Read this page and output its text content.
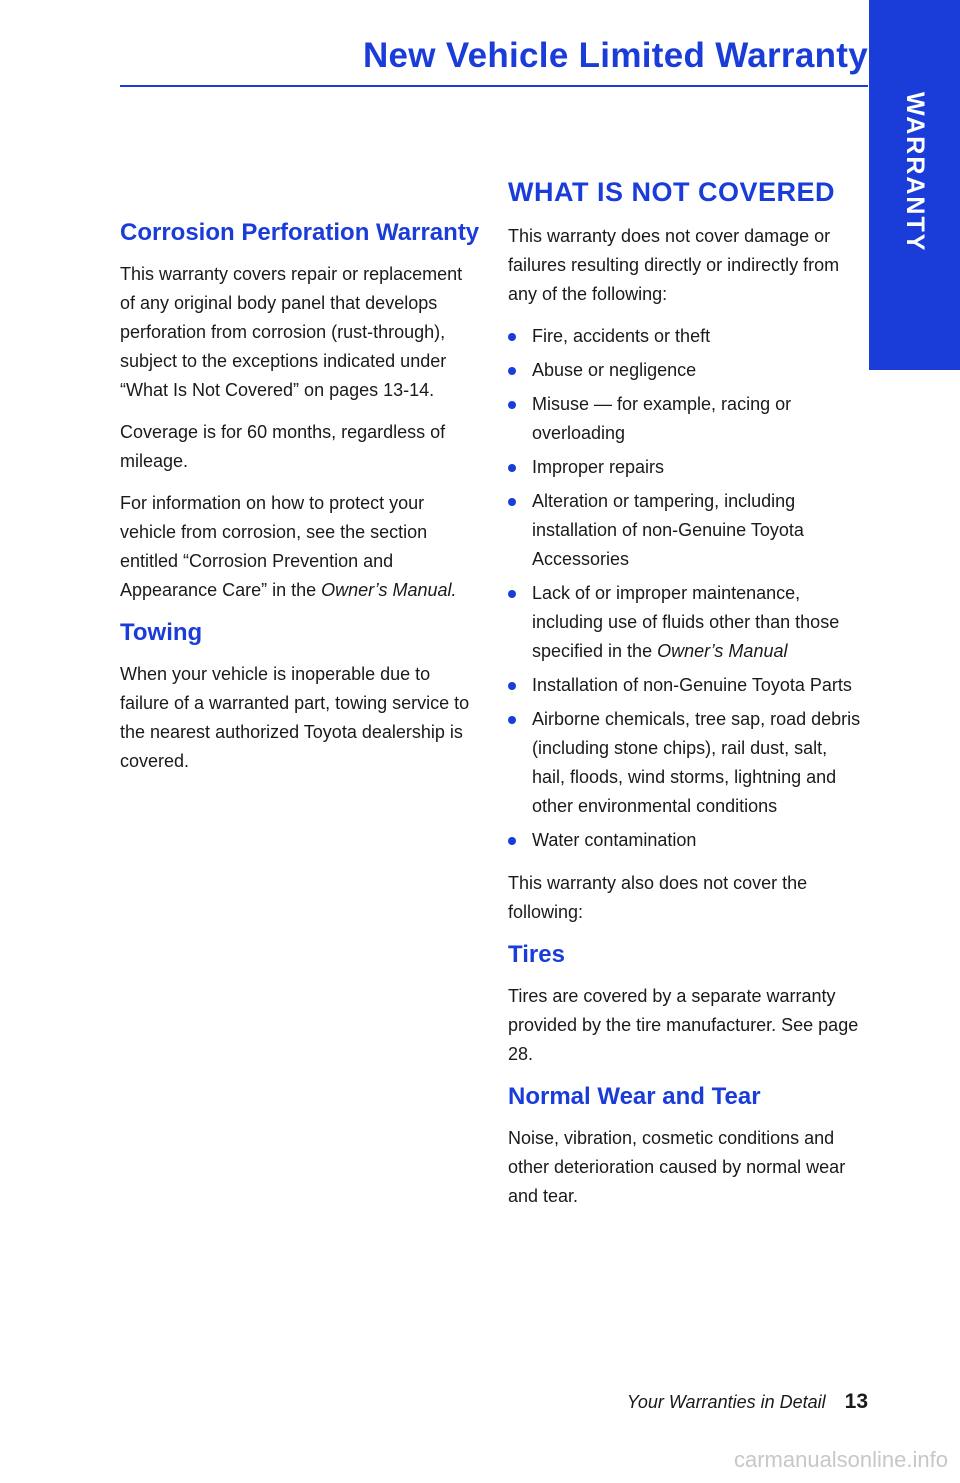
New Vehicle Limited Warranty
WARRANTY
Corrosion Perforation Warranty

This warranty covers repair or replacement of any original body panel that develops perforation from corrosion (rust-through), subject to the exceptions indicated under “What Is Not Covered” on pages 13-14.

Coverage is for 60 months, regardless of mileage.

For information on how to protect your vehicle from corrosion, see the section entitled “Corrosion Prevention and Appearance Care” in the Owner’s Manual.

Towing

When your vehicle is inoperable due to failure of a warranted part, towing service to the nearest authorized Toyota dealership is covered.

WHAT IS NOT COVERED

This warranty does not cover damage or failures resulting directly or indirectly from any of the following:

Fire, accidents or theft
Abuse or negligence
Misuse — for example, racing or overloading
Improper repairs
Alteration or tampering, including installation of non-Genuine Toyota Accessories
Lack of or improper maintenance, including use of fluids other than those specified in the Owner’s Manual
Installation of non-Genuine Toyota Parts
Airborne chemicals, tree sap, road debris (including stone chips), rail dust, salt, hail, floods, wind storms, lightning and other environmental conditions
Water contamination

This warranty also does not cover the following:

Tires

Tires are covered by a separate warranty provided by the tire manufacturer. See page 28.

Normal Wear and Tear

Noise, vibration, cosmetic conditions and other deterioration caused by normal wear and tear.

Your Warranties in Detail 13
carmanualsonline.info
